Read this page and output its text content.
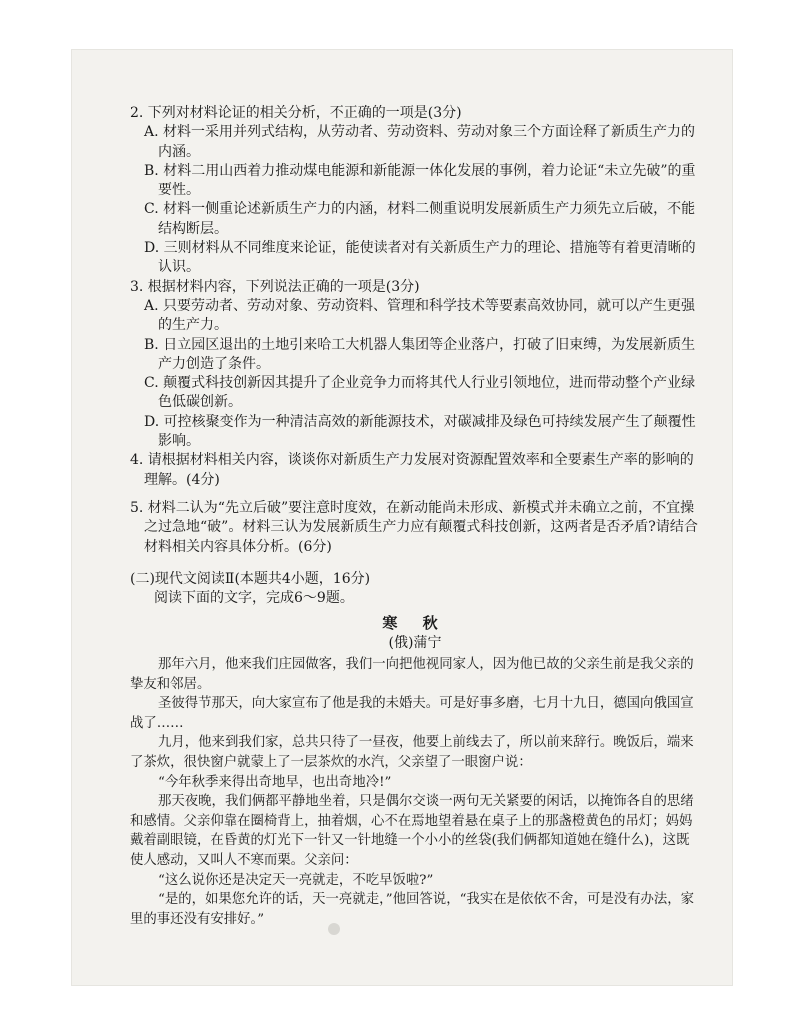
2. 下列对材料论证的相关分析，不正确的一项是(3分)

A. 材料一采用并列式结构，从劳动者、劳动资料、劳动对象三个方面诠释了新质生产力的内涵。

B. 材料二用山西着力推动煤电能源和新能源一体化发展的事例，着力论证“未立先破”的重要性。

C. 材料一侧重论述新质生产力的内涵，材料二侧重说明发展新质生产力须先立后破，不能结构断层。

D. 三则材料从不同维度来论证，能使读者对有关新质生产力的理论、措施等有着更清晰的认识。

3. 根据材料内容，下列说法正确的一项是(3分)

A. 只要劳动者、劳动对象、劳动资料、管理和科学技术等要素高效协同，就可以产生更强的生产力。

B. 日立园区退出的土地引来哈工大机器人集团等企业落户，打破了旧束缚，为发展新质生产力创造了条件。

C. 颠覆式科技创新因其提升了企业竞争力而将其代人行业引领地位，进而带动整个产业绿色低碳创新。

D. 可控核聚变作为一种清洁高效的新能源技术，对碳减排及绿色可持续发展产生了颠覆性影响。

4. 请根据材料相关内容，谈谈你对新质生产力发展对资源配置效率和全要素生产率的影响的理解。(4分)

5. 材料二认为“先立后破”要注意时度效，在新动能尚未形成、新模式并未确立之前，不宜操之过急地“破”。材料三认为发展新质生产力应有颠覆式科技创新，这两者是否矛盾?请结合材料相关内容具体分析。(6分)

(二)现代文阅读Ⅱ(本题共4小题，16分)

阅读下面的文字，完成6～9题。

寒 秋

(俄)蒲宁

那年六月，他来我们庄园做客，我们一向把他视同家人，因为他已故的父亲生前是我父亲的挚友和邻居。

圣彼得节那天，向大家宣布了他是我的未婚夫。可是好事多磨，七月十九日，德国向俄国宣战了……

九月，他来到我们家，总共只待了一昼夜，他要上前线去了，所以前来辞行。晚饭后，端来了茶炊，很快窗户就蒙上了一层茶炊的水汽，父亲望了一眼窗户说：

“今年秋季来得出奇地早，也出奇地冷!”

那天夜晚，我们俩都平静地坐着，只是偶尔交谈一两句无关紧要的闲话，以掩饰各自的思绪和感情。父亲仰靠在圈椅背上，抽着烟，心不在焉地望着悬在桌子上的那盏橙黄色的吊灯；妈妈戴着副眼镜，在昏黄的灯光下一针又一针地缝一个小小的丝袋(我们俩都知道她在缝什么)，这既使人感动，又叫人不寒而栗。父亲问：

“这么说你还是决定天一亮就走，不吃早饭啦?”

“是的，如果您允许的话，天一亮就走，”他回答说，“我实在是依依不舍，可是没有办法，家里的事还没有安排好。”
